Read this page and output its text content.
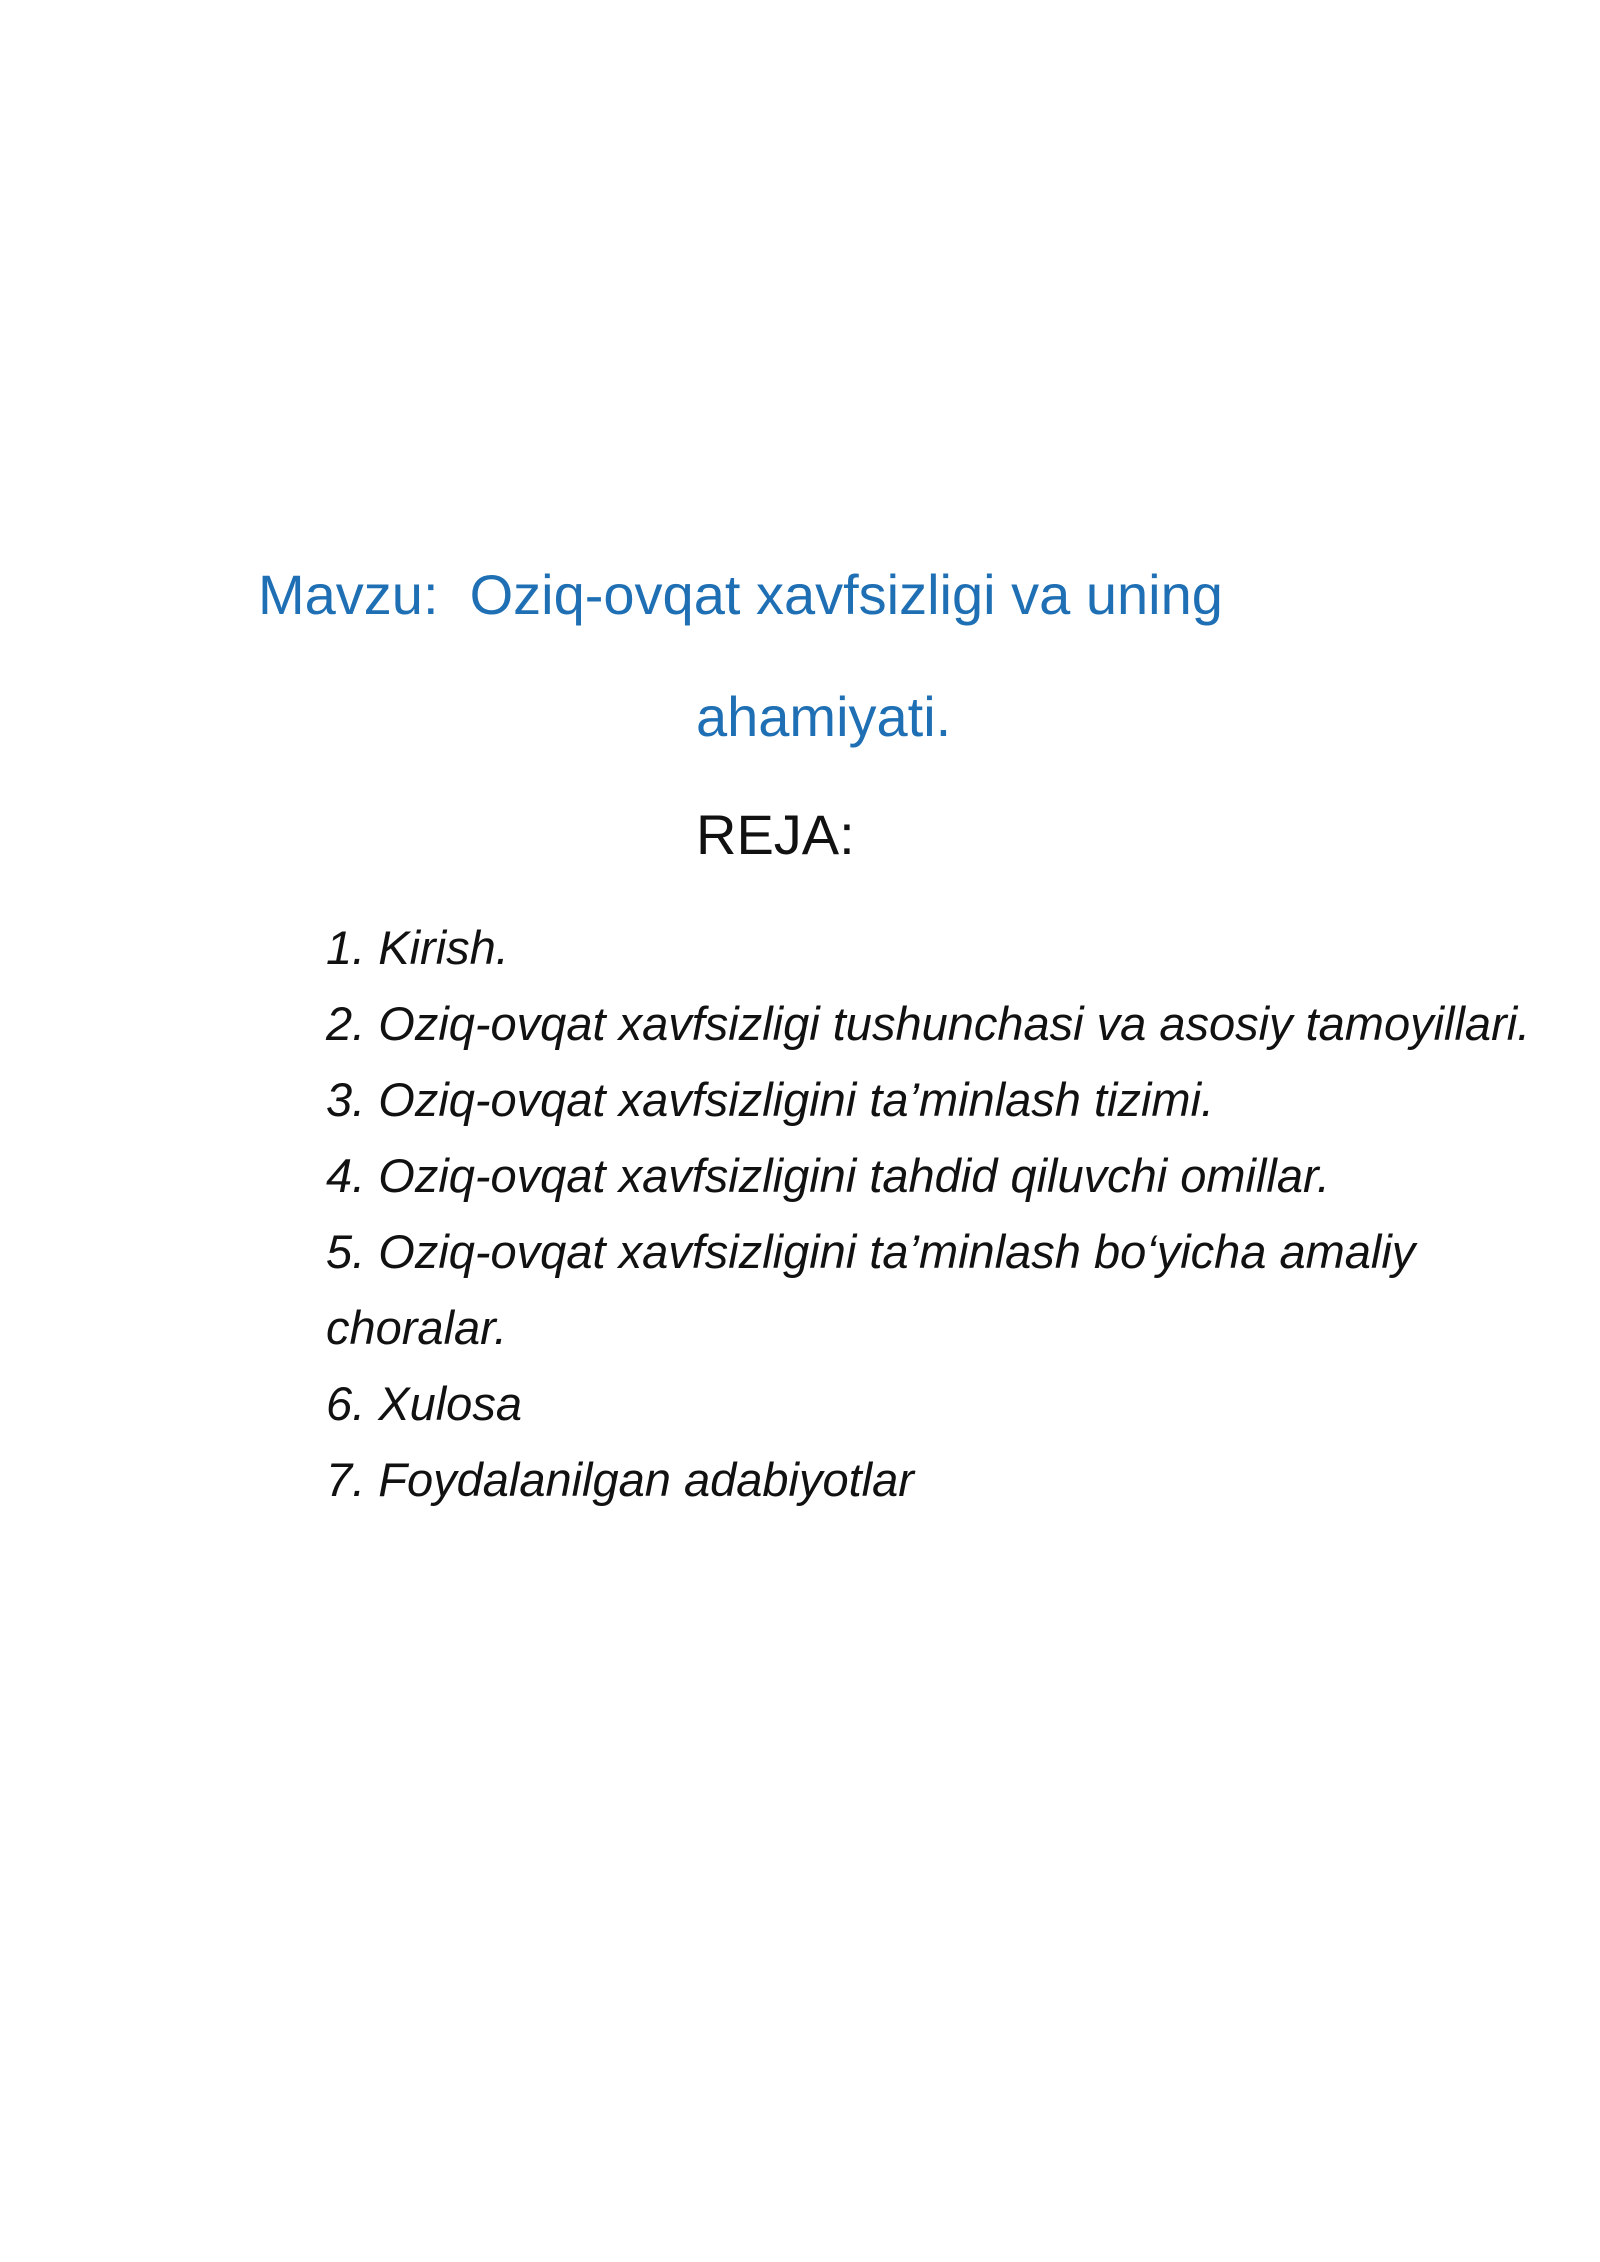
Mavzu:  Oziq-ovqat xavfsizligi va uning
ahamiyati.
REJA:
1. Kirish.
2. Oziq-ovqat xavfsizligi tushunchasi va asosiy tamoyillari.
3. Oziq-ovqat xavfsizligini ta’minlash tizimi.
4. Oziq-ovqat xavfsizligini tahdid qiluvchi omillar.
5. Oziq-ovqat xavfsizligini ta’minlash bo‘yicha amaliy choralar.
6. Xulosa
7. Foydalanilgan adabiyotlar
